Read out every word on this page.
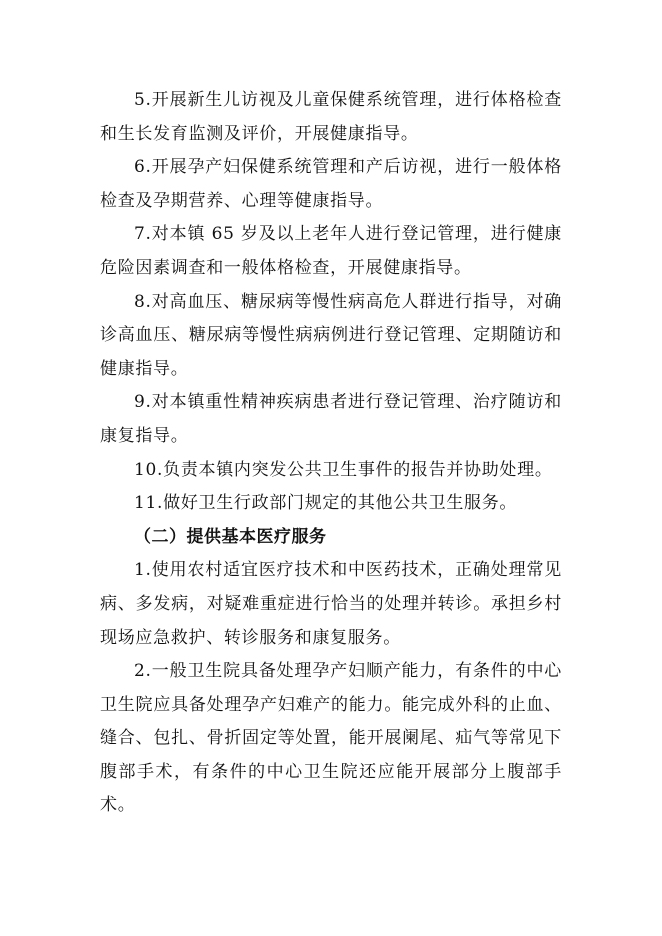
5.开展新生儿访视及儿童保健系统管理，进行体格检查和生长发育监测及评价，开展健康指导。

6.开展孕产妇保健系统管理和产后访视，进行一般体格检查及孕期营养、心理等健康指导。

7.对本镇 65 岁及以上老年人进行登记管理，进行健康危险因素调查和一般体格检查，开展健康指导。

8.对高血压、糖尿病等慢性病高危人群进行指导，对确诊高血压、糖尿病等慢性病病例进行登记管理、定期随访和健康指导。

9.对本镇重性精神疾病患者进行登记管理、治疗随访和康复指导。

10.负责本镇内突发公共卫生事件的报告并协助处理。

11.做好卫生行政部门规定的其他公共卫生服务。

（二）提供基本医疗服务

1.使用农村适宜医疗技术和中医药技术，正确处理常见病、多发病，对疑难重症进行恰当的处理并转诊。承担乡村现场应急救护、转诊服务和康复服务。

2.一般卫生院具备处理孕产妇顺产能力，有条件的中心卫生院应具备处理孕产妇难产的能力。能完成外科的止血、缝合、包扎、骨折固定等处置，能开展阑尾、疝气等常见下腹部手术，有条件的中心卫生院还应能开展部分上腹部手术。
